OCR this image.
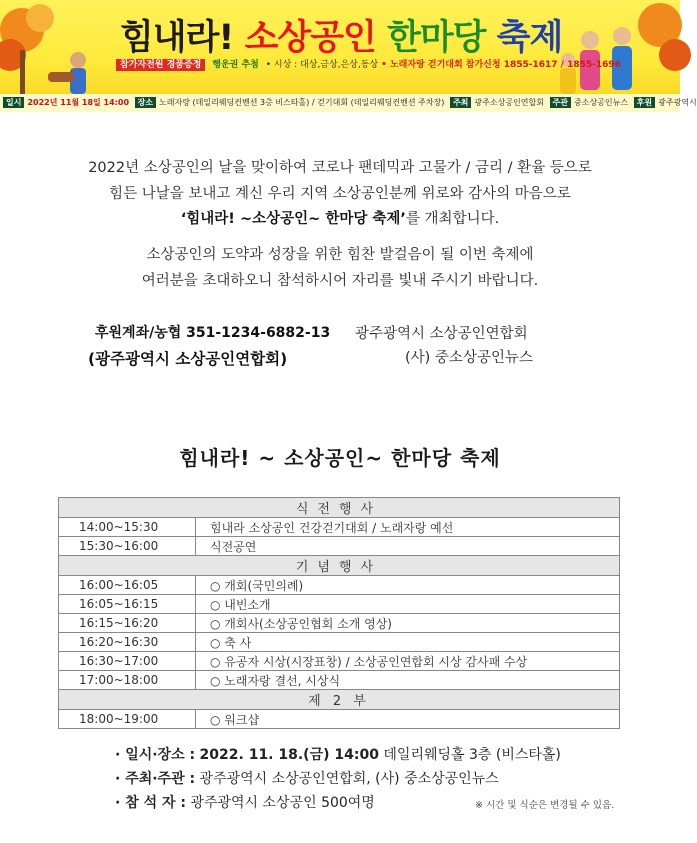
힘내라! 소상공인 한마당 축제
참가자전원 경품증정 행운권 추첨 • 시상 : 대상,금상,은상,동상 • 노래자랑 걷기대회 참가신청 1855-1617 / 1855-1696
일시 2022년 11월 18일 14:00 장소 노래자랑 (데일리웨딩컨벤션 3층 비스타홀) / 걷기대회 (데일리웨딩컨벤션 주차장) 주최 광주소상공인연합회 주관 중소상공인뉴스 후원 광주광역시
2022년 소상공인의 날을 맞이하여 코로나 팬데믹과 고물가 / 금리 / 환율 등으로
힘든 나날을 보내고 계신 우리 지역 소상공인분께 위로와 감사의 마음으로
‘힘내라! ~소상공인~ 한마당 축제’를 개최합니다.
소상공인의 도약과 성장을 위한 힘찬 발걸음이 될 이번 축제에
여러분을 초대하오니 참석하시어 자리를 빛내 주시기 바랍니다.
후원계좌/농협 351-1234-6882-13
(광주광역시 소상공인연합회)
광주광역시 소상공인연합회
(사) 중소상공인뉴스
힘내라! ~ 소상공인~ 한마당 축제
식전행사	
14:00~15:30	힘내라 소상공인 건강걷기대회 / 노래자랑 예선
15:30~16:00	식전공연
기념행사	
16:00~16:05	○ 개회(국민의례)
16:05~16:15	○ 내빈소개
16:15~16:20	○ 개회사(소상공인협회 소개 영상)
16:20~16:30	○ 축 사
16:30~17:00	○ 유공자 시상(시장표창) / 소상공인연합회 시상 감사패 수상
17:00~18:00	○ 노래자랑 결선, 시상식
제 2 부	
18:00~19:00	○ 워크샵
· 일시·장소 : 2022. 11. 18.(금) 14:00 데일리웨딩홀 3층 (비스타홀)
· 주최·주관 : 광주광역시 소상공인연합회, (사) 중소상공인뉴스
· 참 석 자 : 광주광역시 소상공인 500여명	※ 시간 및 식순은 변경될 수 있음.
